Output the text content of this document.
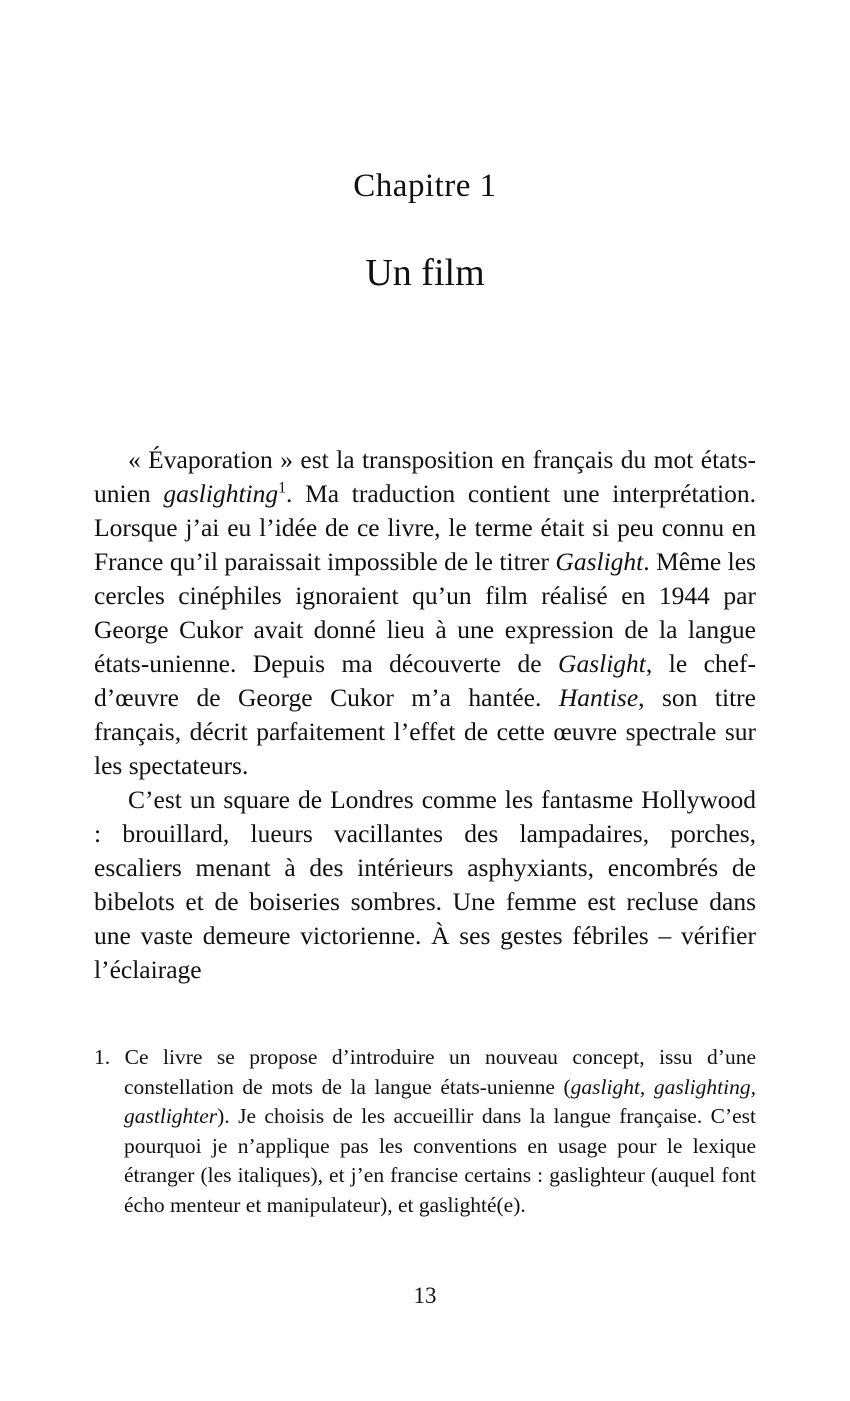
Chapitre 1
Un film

« Évaporation » est la transposition en français du mot états-unien gaslighting$^1$. Ma traduction contient une interprétation. Lorsque j’ai eu l’idée de ce livre, le terme était si peu connu en France qu’il paraissait impossible de le titrer Gaslight. Même les cercles cinéphiles ignoraient qu’un film réalisé en 1944 par George Cukor avait donné lieu à une expression de la langue états-unienne. Depuis ma découverte de Gaslight, le chef-d’œuvre de George Cukor m’a hantée. Hantise, son titre français, décrit parfaitement l’effet de cette œuvre spectrale sur les spectateurs.

C’est un square de Londres comme les fantasme Hollywood : brouillard, lueurs vacillantes des lampadaires, porches, escaliers menant à des intérieurs asphyxiants, encombrés de bibelots et de boiseries sombres. Une femme est recluse dans une vaste demeure victorienne. À ses gestes fébriles – vérifier l’éclairage

1. Ce livre se propose d’introduire un nouveau concept, issu d’une constellation de mots de la langue états-unienne (gaslight, gaslighting, gastlighter). Je choisis de les accueillir dans la langue française. C’est pourquoi je n’applique pas les conventions en usage pour le lexique étranger (les italiques), et j’en francise certains : gaslighteur (auquel font écho menteur et manipulateur), et gaslighté(e).
13
